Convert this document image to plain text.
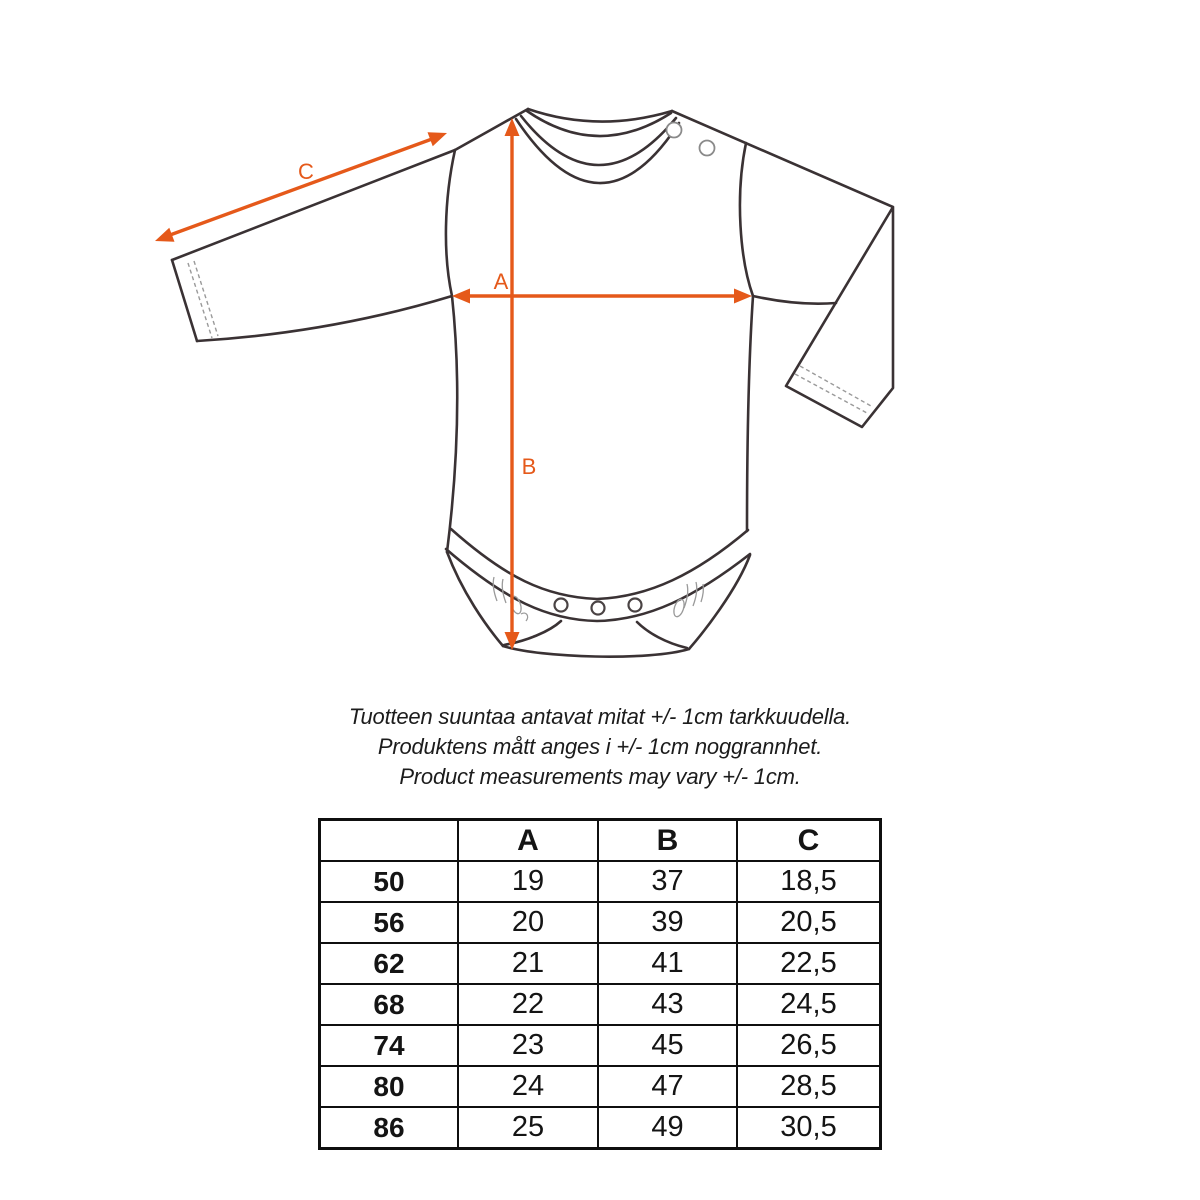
A
B
C
Tuotteen suuntaa antavat mitat +/- 1cm tarkkuudella.
Produktens mått anges i +/- 1cm noggrannhet.
Product measurements may vary +/- 1cm.
	A	B	C
50	19	37	18,5
56	20	39	20,5
62	21	41	22,5
68	22	43	24,5
74	23	45	26,5
80	24	47	28,5
86	25	49	30,5
